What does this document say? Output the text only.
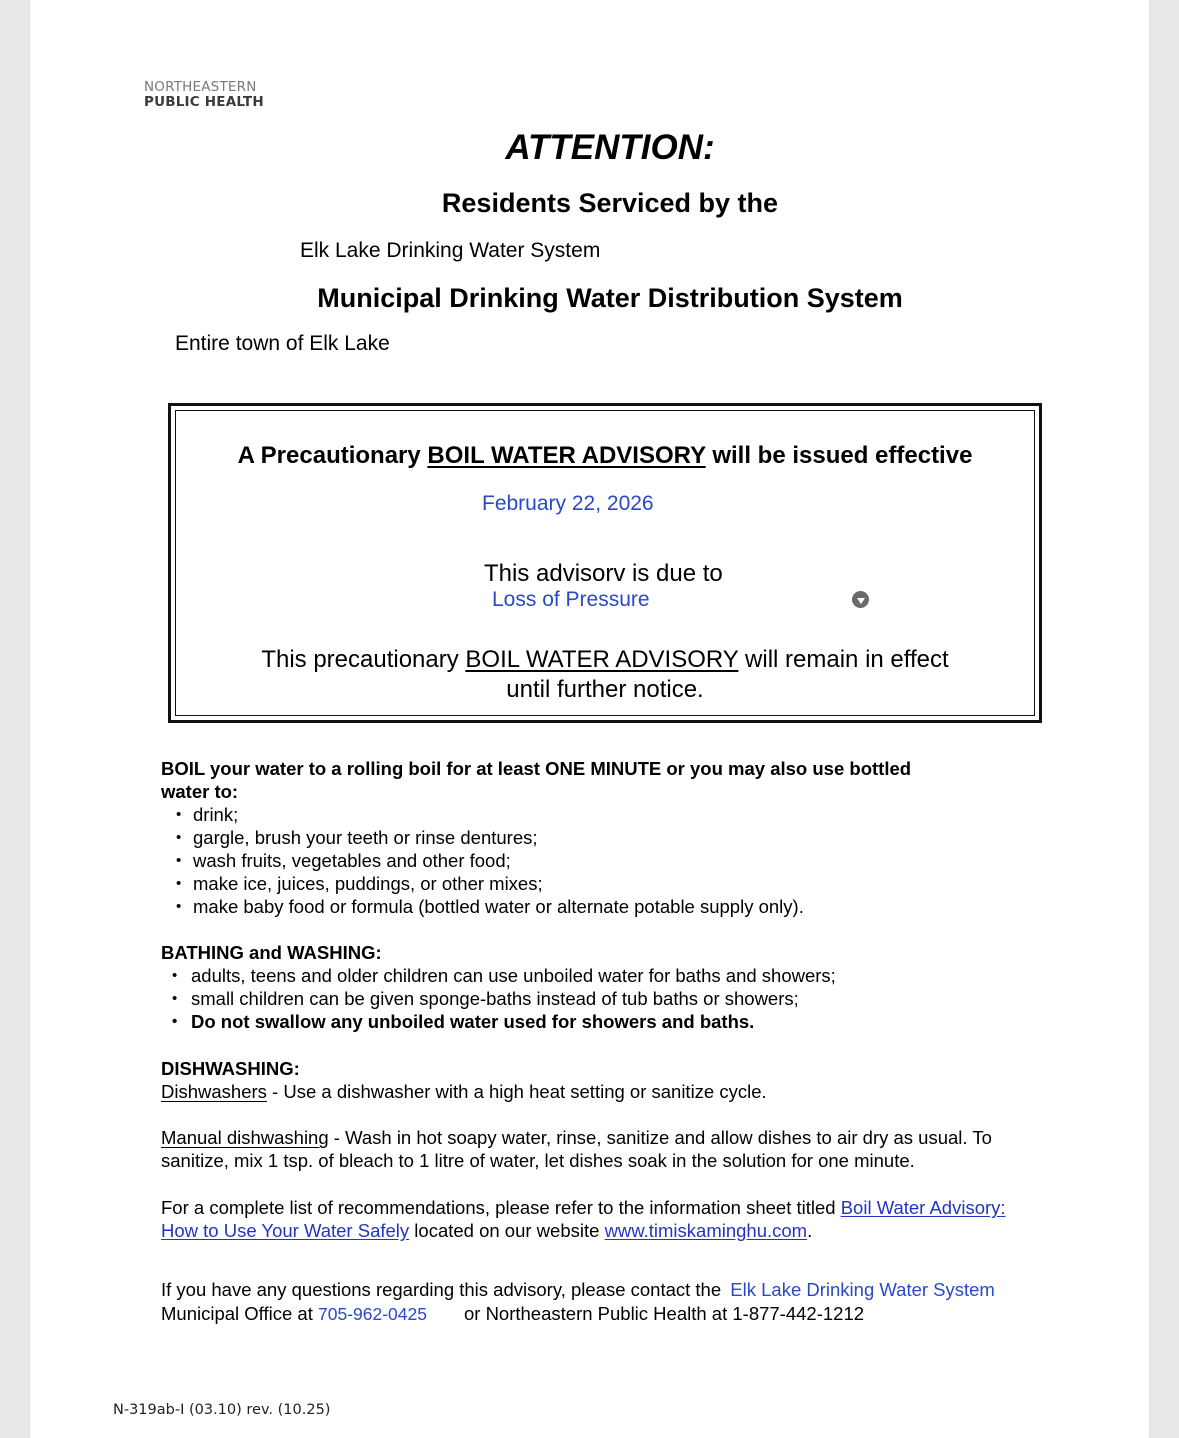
NORTHEASTERN
PUBLIC HEALTH
ATTENTION:
Residents Serviced by the
Elk Lake Drinking Water System
Municipal Drinking Water Distribution System
Entire town of Elk Lake
A Precautionary BOIL WATER ADVISORY will be issued effective
February 22, 2026
This advisorv is due to
Loss of Pressure
This precautionary BOIL WATER ADVISORY will remain in effect
until further notice.
BOIL your water to a rolling boil for at least ONE MINUTE or you may also use bottled
water to:
• drink;
• gargle, brush your teeth or rinse dentures;
• wash fruits, vegetables and other food;
• make ice, juices, puddings, or other mixes;
• make baby food or formula (bottled water or alternate potable supply only).
BATHING and WASHING:
• adults, teens and older children can use unboiled water for baths and showers;
• small children can be given sponge-baths instead of tub baths or showers;
• Do not swallow any unboiled water used for showers and baths.
DISHWASHING:
Dishwashers - Use a dishwasher with a high heat setting or sanitize cycle.
Manual dishwashing - Wash in hot soapy water, rinse, sanitize and allow dishes to air dry as usual. To
sanitize, mix 1 tsp. of bleach to 1 litre of water, let dishes soak in the solution for one minute.
For a complete list of recommendations, please refer to the information sheet titled Boil Water Advisory:
How to Use Your Water Safely located on our website www.timiskaminghu.com.
If you have any questions regarding this advisory, please contact the Elk Lake Drinking Water System
Municipal Office at 705-962-0425 or Northeastern Public Health at 1-877-442-1212
N-319ab-I (03.10) rev. (10.25)
